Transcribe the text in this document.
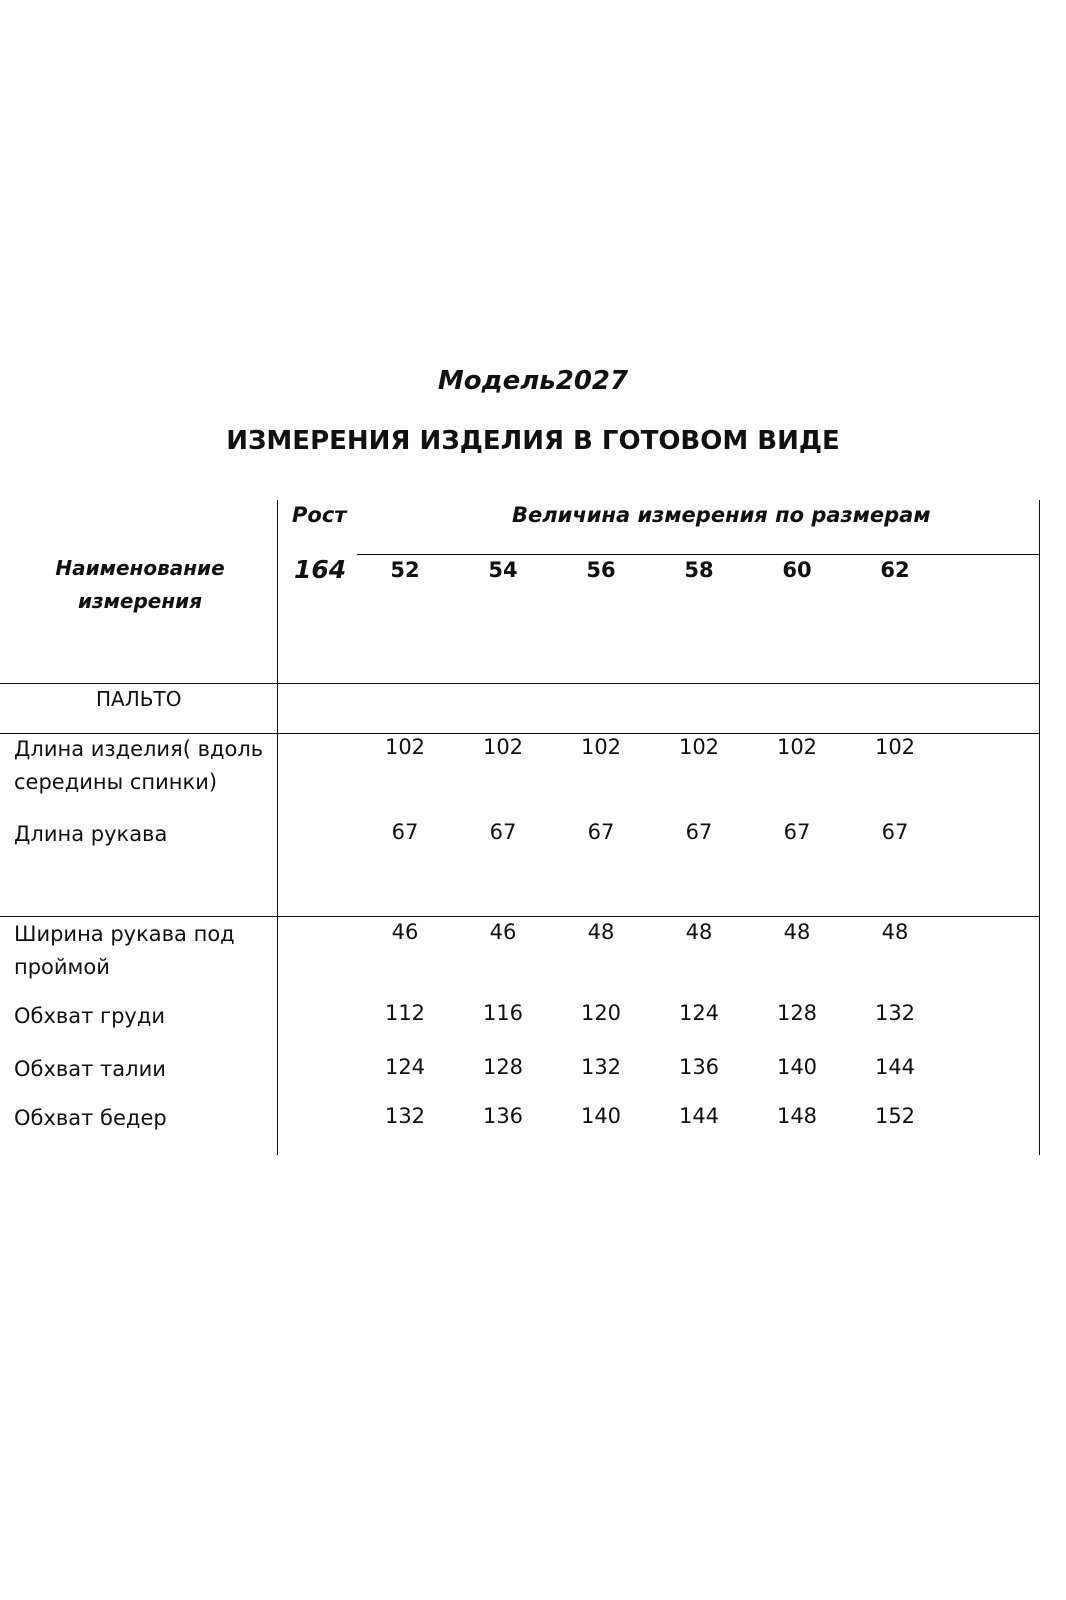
Модель2027
ИЗМЕРЕНИЯ ИЗДЕЛИЯ В ГОТОВОМ ВИДЕ
Наименование измерения
Рост
164
Величина измерения по размерам
52	54	56	58	60	62
ПАЛЬТО
Длина изделия( вдоль середины спинки)
102	102	102	102	102	102
Длина рукава	67	67	67	67	67	67
Ширина рукава под проймой
46	46	48	48	48	48
Обхват груди	112	116	120	124	128	132
Обхват талии	124	128	132	136	140	144
Обхват бедер	132	136	140	144	148	152
